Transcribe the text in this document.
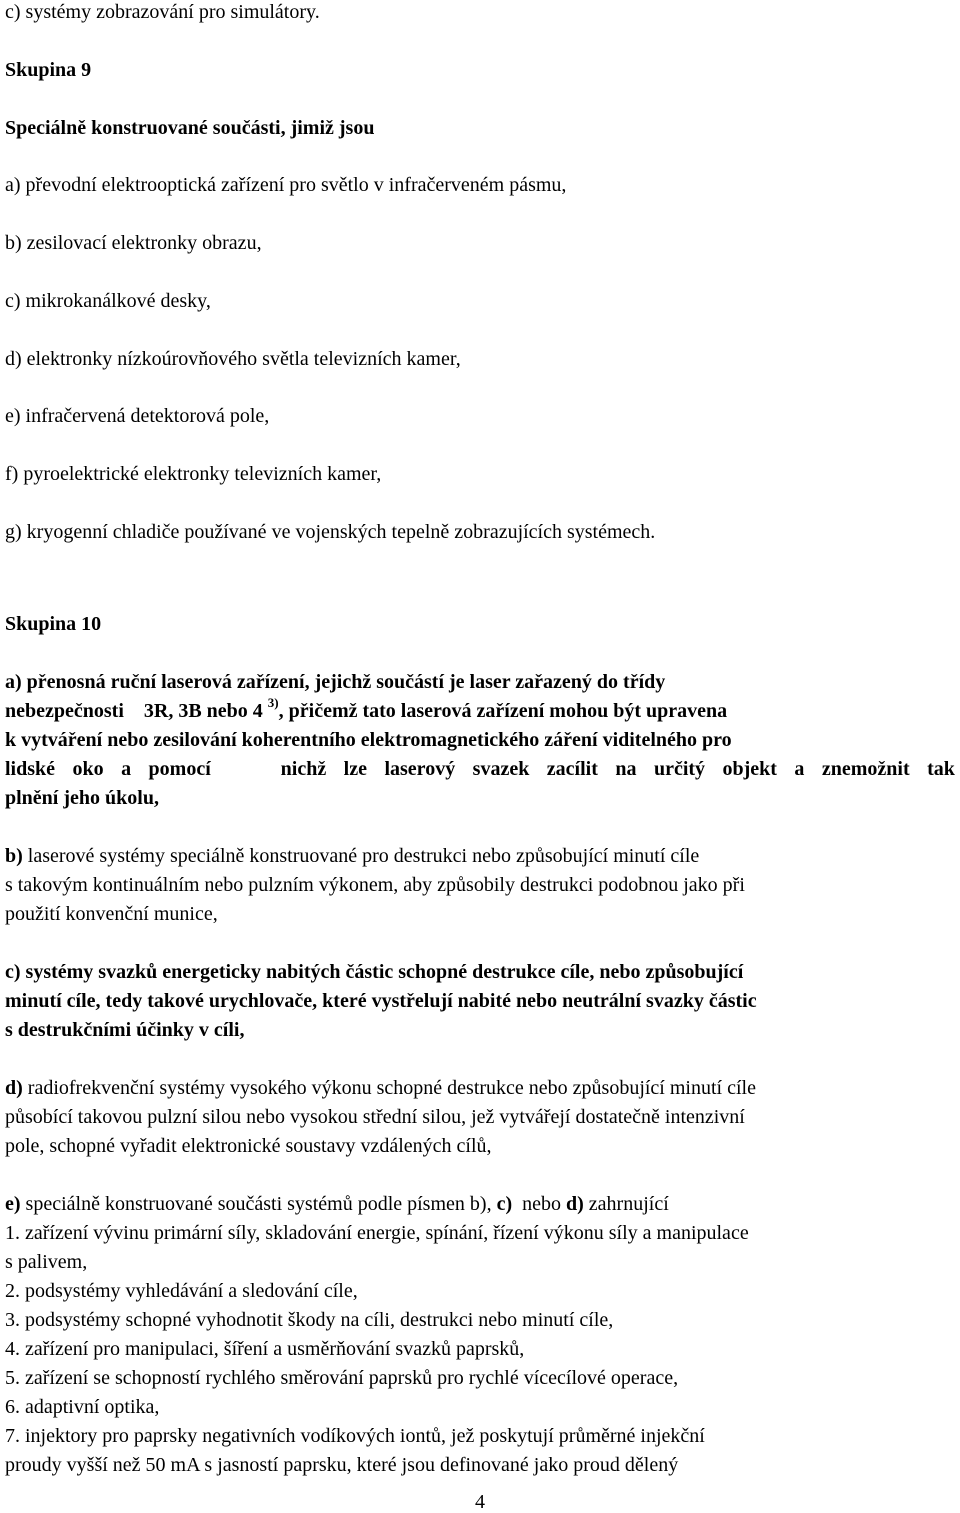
c) systémy zobrazování pro simulátory.
Skupina 9
Speciálně konstruované součásti, jimiž jsou
a) převodní elektrooptická zařízení pro světlo v infračerveném pásmu,
b) zesilovací elektronky obrazu,
c) mikrokanálkové desky,
d) elektronky nízkoúrovňového světla televizních kamer,
e) infračervená detektorová pole,
f) pyroelektrické elektronky televizních kamer,
g) kryogenní chladiče používané ve vojenských tepelně zobrazujících systémech.
Skupina 10
a) přenosná ruční laserová zařízení, jejichž součástí je laser zařazený do třídy
nebezpečnosti    3R, 3B nebo 4 $^{3)}$, přičemž tato laserová zařízení mohou být upravena
k vytváření nebo zesilování koherentního elektromagnetického záření viditelného pro
lidské oko a pomocí    nichž lze laserový svazek zacílit na určitý objekt a znemožnit tak
plnění jeho úkolu,
b) laserové systémy speciálně konstruované pro destrukci nebo způsobující minutí cíle
s takovým kontinuálním nebo pulzním výkonem, aby způsobily destrukci podobnou jako při
použití konvenční munice,
c) systémy svazků energeticky nabitých částic schopné destrukce cíle, nebo způsobující
minutí cíle, tedy takové urychlovače, které vystřelují nabité nebo neutrální svazky částic
s destrukčními účinky v cíli,
d) radiofrekvenční systémy vysokého výkonu schopné destrukce nebo způsobující minutí cíle
působící takovou pulzní silou nebo vysokou střední silou, jež vytvářejí dostatečně intenzivní
pole, schopné vyřadit elektronické soustavy vzdálených cílů,
e) speciálně konstruované součásti systémů podle písmen b), c)  nebo d) zahrnující
1. zařízení vývinu primární síly, skladování energie, spínání, řízení výkonu síly a manipulace
s palivem,
2. podsystémy vyhledávání a sledování cíle,
3. podsystémy schopné vyhodnotit škody na cíli, destrukci nebo minutí cíle,
4. zařízení pro manipulaci, šíření a usměrňování svazků paprsků,
5. zařízení se schopností rychlého směrování paprsků pro rychlé vícecílové operace,
6. adaptivní optika,
7. injektory pro paprsky negativních vodíkových iontů, jež poskytují průměrné injekční
proudy vyšší než 50 mA s jasností paprsku, které jsou definované jako proud dělený
4
